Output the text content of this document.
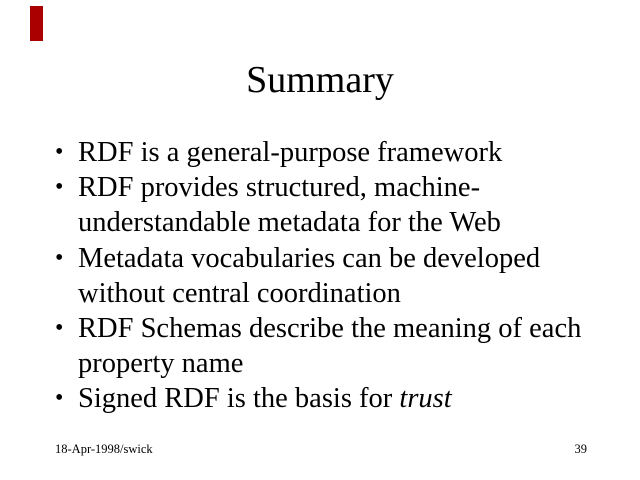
Summary
• RDF is a general-purpose framework
• RDF provides structured, machine-
understandable metadata for the Web
• Metadata vocabularies can be developed
without central coordination
• RDF Schemas describe the meaning of each
property name
• Signed RDF is the basis for trust
18-Apr-1998/swick	39
